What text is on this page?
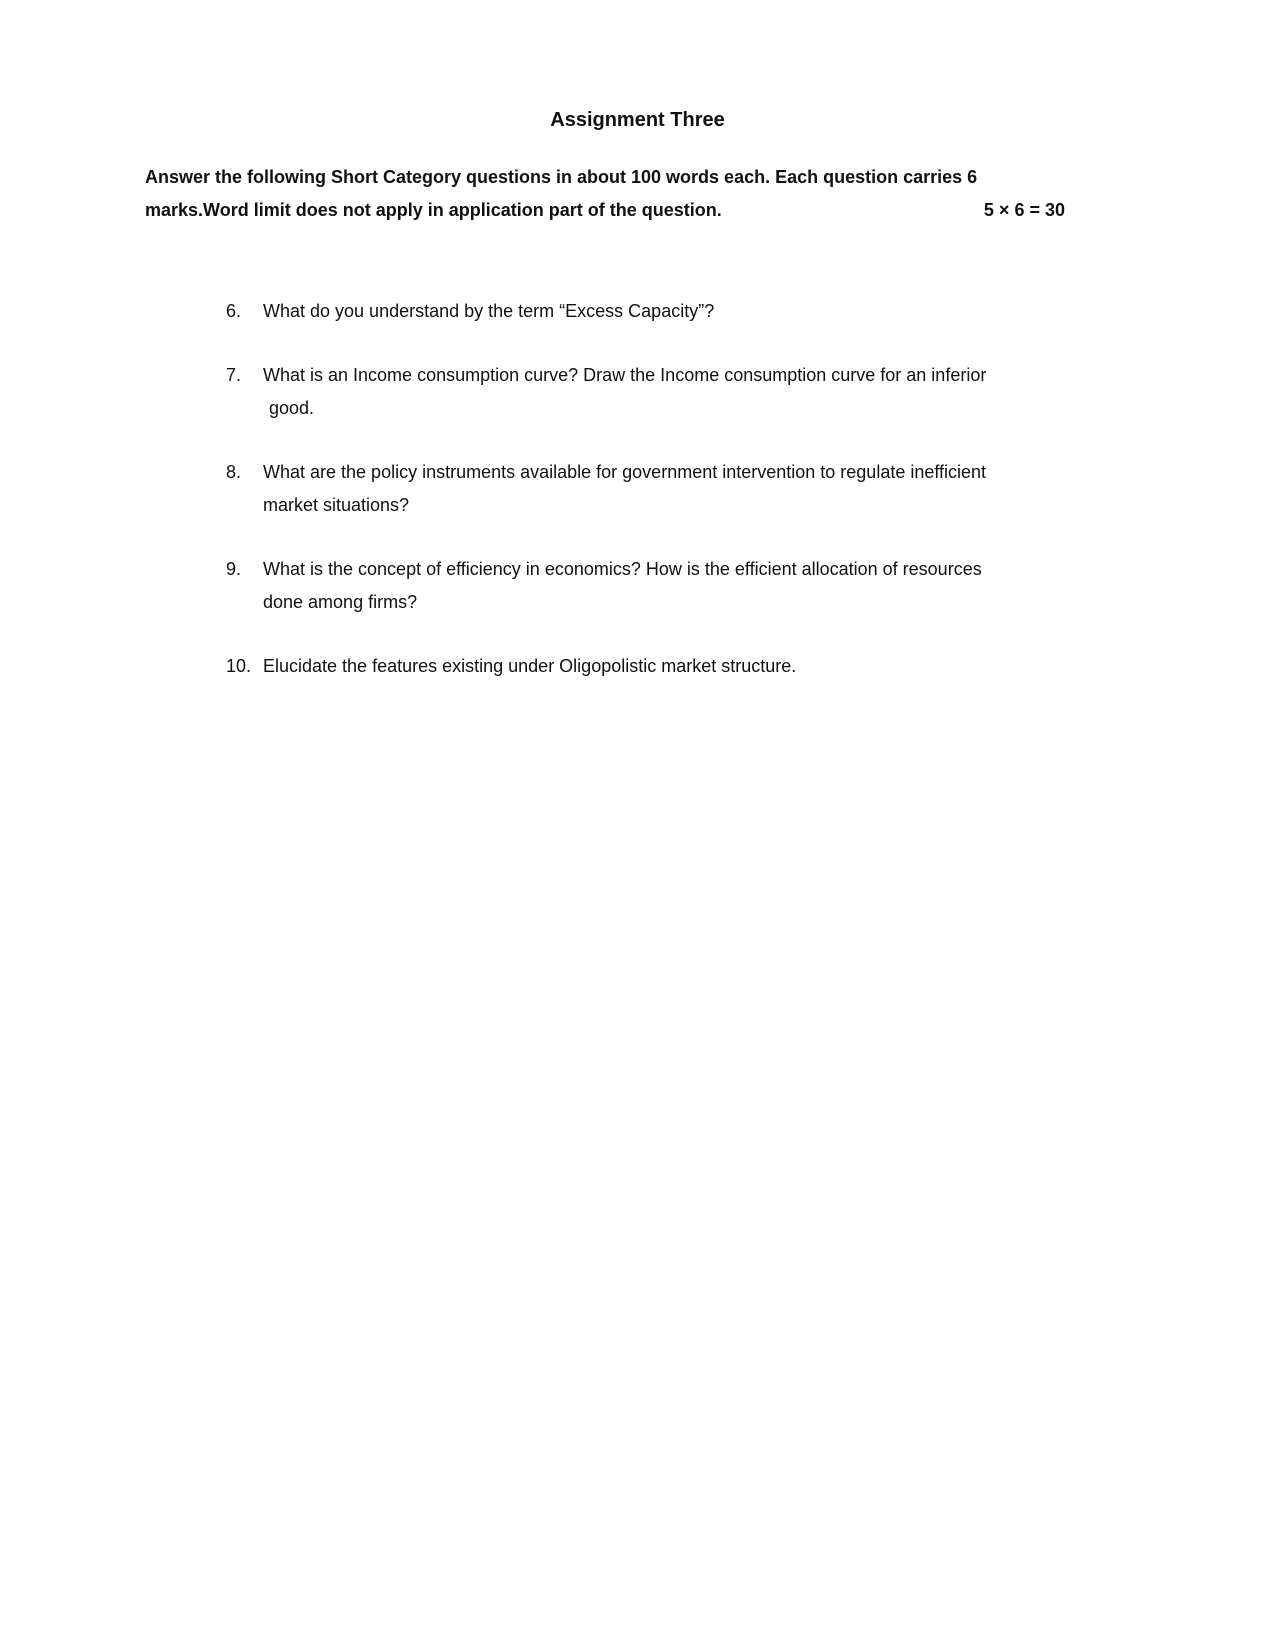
Assignment Three
Answer the following Short Category questions in about 100 words each. Each question carries 6
marks.Word limit does not apply in application part of the question.	5 × 6 = 30
6.	What do you understand by the term “Excess Capacity”?
7.	What is an Income consumption curve? Draw the Income consumption curve for an inferior
good.
8.	What are the policy instruments available for government intervention to regulate inefficient
market situations?
9.	What is the concept of efficiency in economics? How is the efficient allocation of resources
done among firms?
10. Elucidate the features existing under Oligopolistic market structure.
